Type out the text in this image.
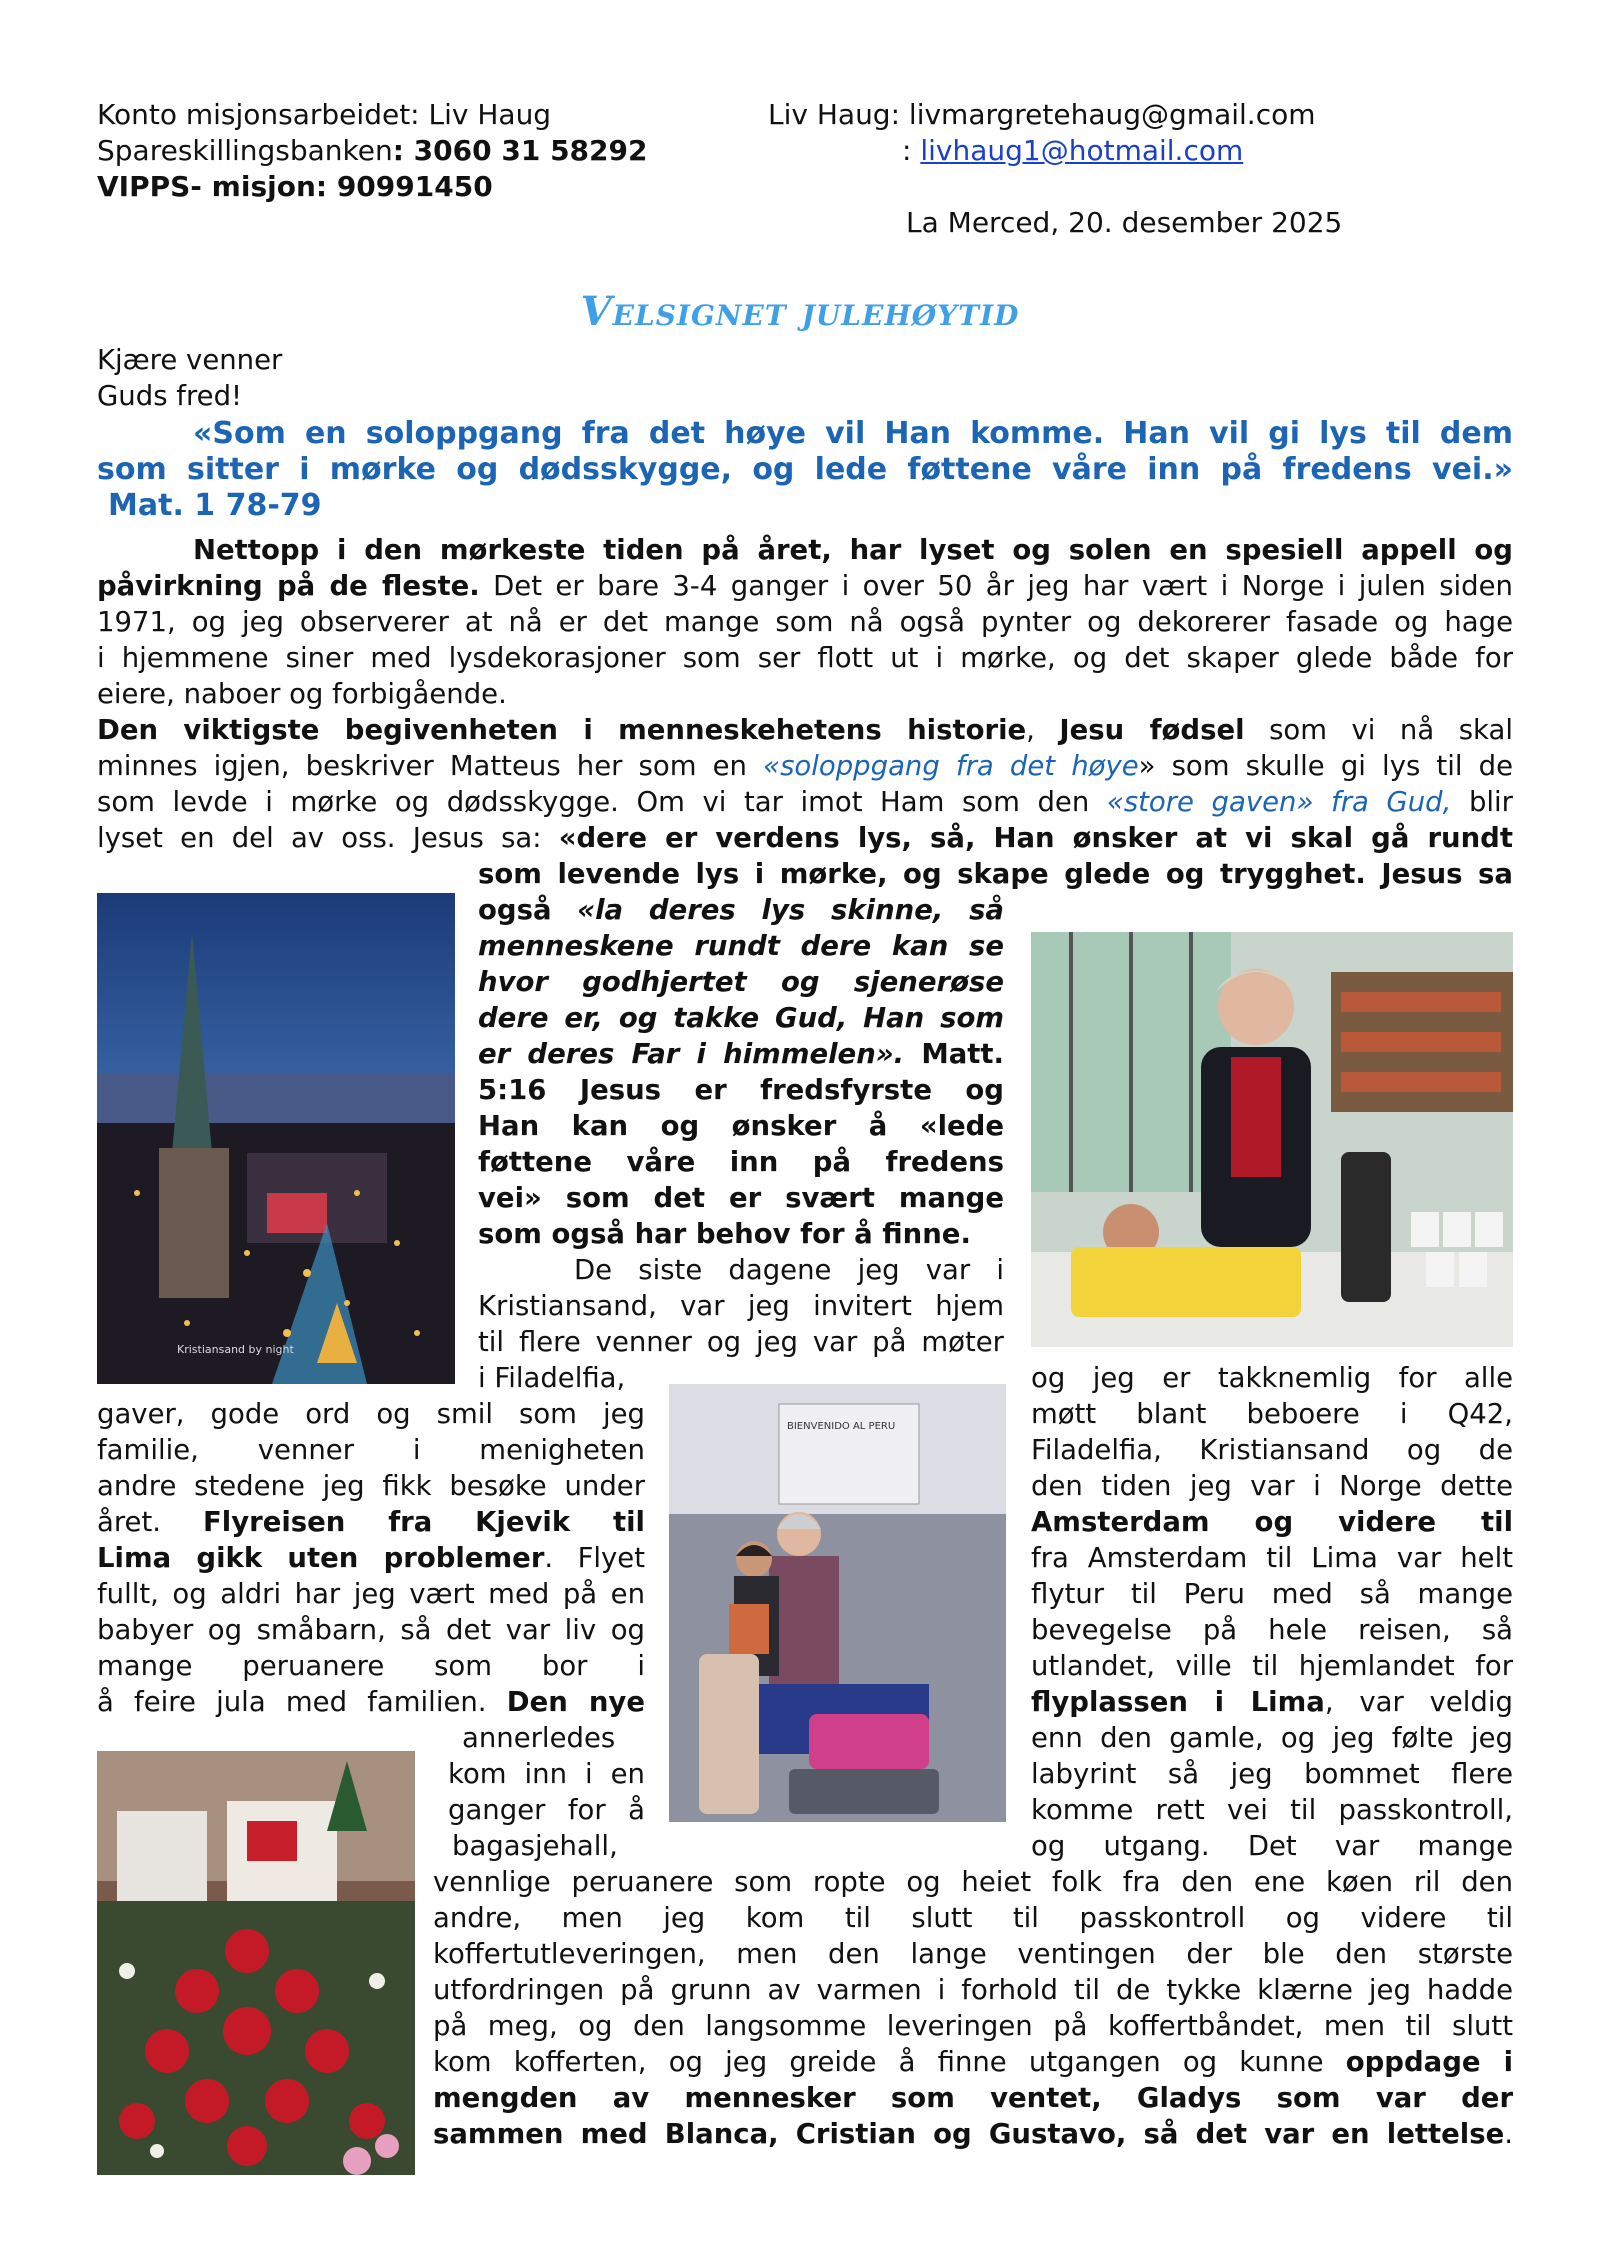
Konto misjonsarbeidet: Liv Haug
Spareskillingsbanken: 3060 31 58292
VIPPS- misjon: 90991450
Liv Haug: livmargretehaug@gmail.com
: livhaug1@hotmail.com
La Merced, 20. desember 2025
Velsignet julehøytid
Kjære venner
Guds fred!
«Som en soloppgang fra det høye vil Han komme. Han vil gi lys til dem
som sitter i mørke og dødsskygge, og lede føttene våre inn på fredens vei.»
Mat. 1 78-79
Nettopp i den mørkeste tiden på året, har lyset og solen en spesiell appell og
påvirkning på de fleste. Det er bare 3-4 ganger i over 50 år jeg har vært i Norge i julen siden
1971, og jeg observerer at nå er det mange som nå også pynter og dekorerer fasade og hage
i hjemmene siner med lysdekorasjoner som ser flott ut i mørke, og det skaper glede både for
eiere, naboer og forbigående.
Den viktigste begivenheten i menneskehetens historie, Jesu fødsel som vi nå skal
minnes igjen, beskriver Matteus her som en «soloppgang fra det høye» som skulle gi lys til de
som levde i mørke og dødsskygge. Om vi tar imot Ham som den «store gaven» fra Gud, blir
lyset en del av oss. Jesus sa: «dere er verdens lys, så, Han ønsker at vi skal gå rundt
som levende lys i mørke, og skape glede og trygghet. Jesus sa
også «la deres lys skinne, så
menneskene rundt dere kan se
hvor godhjertet og sjenerøse
dere er, og takke Gud, Han som
er deres Far i himmelen». Matt.
5:16 Jesus er fredsfyrste og
Han kan og ønsker å «lede
føttene våre inn på fredens
vei» som det er svært mange
som også har behov for å finne.
De siste dagene jeg var i
Kristiansand, var jeg invitert hjem
til flere venner og jeg var på møter
i Filadelfia,
gaver, gode ord og smil som jeg
familie, venner i menigheten
andre stedene jeg fikk besøke under
året. Flyreisen fra Kjevik til
Lima gikk uten problemer. Flyet
fullt, og aldri har jeg vært med på en
babyer og småbarn, så det var liv og
mange peruanere som bor i
å feire jula med familien. Den nye
annerledes
kom inn i en
ganger for å
bagasjehall,
og jeg er takknemlig for alle
møtt blant beboere i Q42,
Filadelfia, Kristiansand og de
den tiden jeg var i Norge dette
Amsterdam og videre til
fra Amsterdam til Lima var helt
flytur til Peru med så mange
bevegelse på hele reisen, så
utlandet, ville til hjemlandet for
flyplassen i Lima, var veldig
enn den gamle, og jeg følte jeg
labyrint så jeg bommet flere
komme rett vei til passkontroll,
og utgang. Det var mange
vennlige peruanere som ropte og heiet folk fra den ene køen ril den
andre, men jeg kom til slutt til passkontroll og videre til
koffertutleveringen, men den lange ventingen der ble den største
utfordringen på grunn av varmen i forhold til de tykke klærne jeg hadde
på meg, og den langsomme leveringen på koffertbåndet, men til slutt
kom kofferten, og jeg greide å finne utgangen og kunne oppdage i
mengden av mennesker som ventet, Gladys som var der
sammen med Blanca, Cristian og Gustavo, så det var en lettelse.
Kristiansand by night
BIENVENIDO AL PERU
